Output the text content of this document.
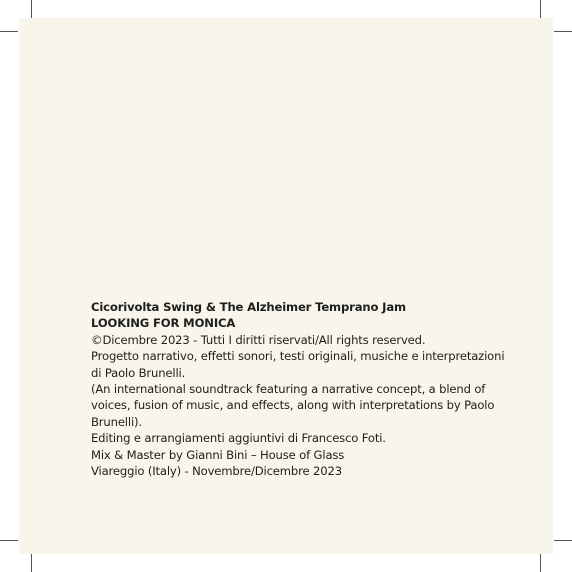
Cicorivolta Swing & The Alzheimer Temprano Jam
LOOKING FOR MONICA
©Dicembre 2023 - Tutti I diritti riservati/All rights reserved.
Progetto narrativo, effetti sonori, testi originali, musiche e interpretazioni
di Paolo Brunelli.
(An international soundtrack featuring a narrative concept, a blend of
voices, fusion of music, and effects, along with interpretations by Paolo
Brunelli).
Editing e arrangiamenti aggiuntivi di Francesco Foti.
Mix & Master by Gianni Bini – House of Glass
Viareggio (Italy) - Novembre/Dicembre 2023
